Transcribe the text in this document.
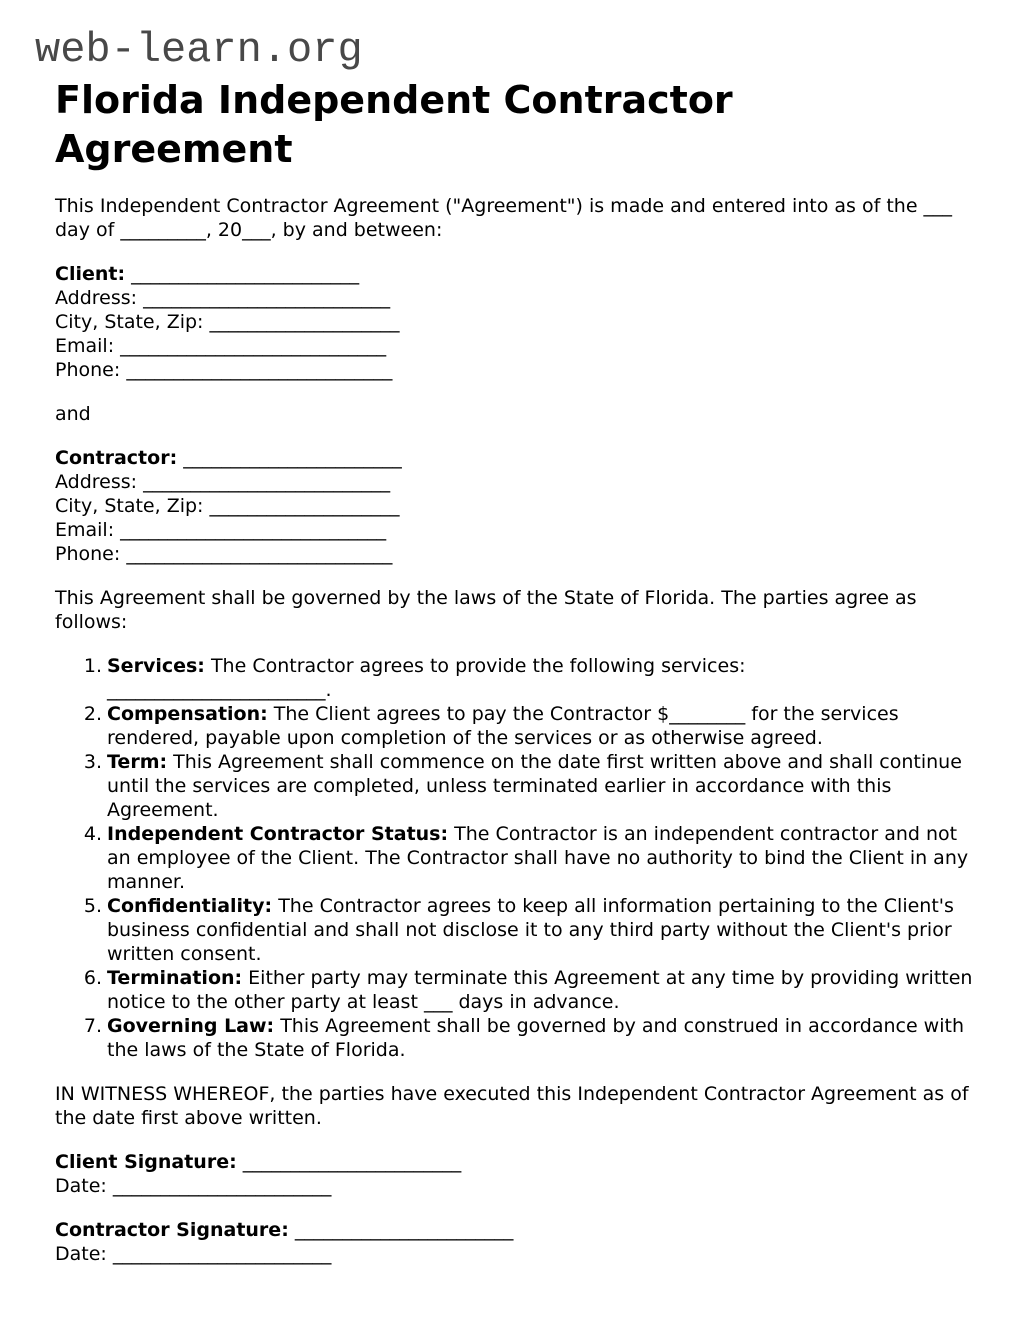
web-learn.org
Florida Independent Contractor Agreement

This Independent Contractor Agreement ("Agreement") is made and entered into as of the ___ day of _________, 20___, by and between:

Client: ________________________
Address: __________________________
City, State, Zip: ____________________
Email: ____________________________
Phone: ____________________________

and

Contractor: _______________________
Address: __________________________
City, State, Zip: ____________________
Email: ____________________________
Phone: ____________________________

This Agreement shall be governed by the laws of the State of Florida. The parties agree as follows:

1. Services: The Contractor agrees to provide the following services:
_______________________.
2. Compensation: The Client agrees to pay the Contractor $________ for the services rendered, payable upon completion of the services or as otherwise agreed.
3. Term: This Agreement shall commence on the date first written above and shall continue until the services are completed, unless terminated earlier in accordance with this Agreement.
4. Independent Contractor Status: The Contractor is an independent contractor and not an employee of the Client. The Contractor shall have no authority to bind the Client in any manner.
5. Confidentiality: The Contractor agrees to keep all information pertaining to the Client's business confidential and shall not disclose it to any third party without the Client's prior written consent.
6. Termination: Either party may terminate this Agreement at any time by providing written notice to the other party at least ___ days in advance.
7. Governing Law: This Agreement shall be governed by and construed in accordance with the laws of the State of Florida.

IN WITNESS WHEREOF, the parties have executed this Independent Contractor Agreement as of the date first above written.

Client Signature: _______________________
Date: _______________________

Contractor Signature: _______________________
Date: _______________________
